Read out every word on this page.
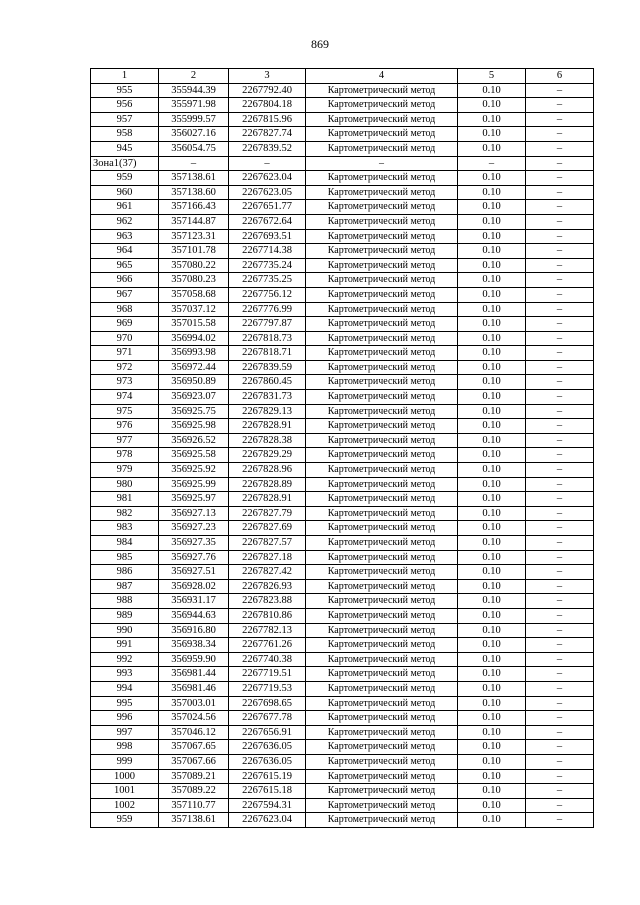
869
1	2	3	4	5	6
955	355944.39	2267792.40	Картометрический метод	0.10	–
956	355971.98	2267804.18	Картометрический метод	0.10	–
957	355999.57	2267815.96	Картометрический метод	0.10	–
958	356027.16	2267827.74	Картометрический метод	0.10	–
945	356054.75	2267839.52	Картометрический метод	0.10	–
Зона1(37)	–	–	–	–	–
959	357138.61	2267623.04	Картометрический метод	0.10	–
960	357138.60	2267623.05	Картометрический метод	0.10	–
961	357166.43	2267651.77	Картометрический метод	0.10	–
962	357144.87	2267672.64	Картометрический метод	0.10	–
963	357123.31	2267693.51	Картометрический метод	0.10	–
964	357101.78	2267714.38	Картометрический метод	0.10	–
965	357080.22	2267735.24	Картометрический метод	0.10	–
966	357080.23	2267735.25	Картометрический метод	0.10	–
967	357058.68	2267756.12	Картометрический метод	0.10	–
968	357037.12	2267776.99	Картометрический метод	0.10	–
969	357015.58	2267797.87	Картометрический метод	0.10	–
970	356994.02	2267818.73	Картометрический метод	0.10	–
971	356993.98	2267818.71	Картометрический метод	0.10	–
972	356972.44	2267839.59	Картометрический метод	0.10	–
973	356950.89	2267860.45	Картометрический метод	0.10	–
974	356923.07	2267831.73	Картометрический метод	0.10	–
975	356925.75	2267829.13	Картометрический метод	0.10	–
976	356925.98	2267828.91	Картометрический метод	0.10	–
977	356926.52	2267828.38	Картометрический метод	0.10	–
978	356925.58	2267829.29	Картометрический метод	0.10	–
979	356925.92	2267828.96	Картометрический метод	0.10	–
980	356925.99	2267828.89	Картометрический метод	0.10	–
981	356925.97	2267828.91	Картометрический метод	0.10	–
982	356927.13	2267827.79	Картометрический метод	0.10	–
983	356927.23	2267827.69	Картометрический метод	0.10	–
984	356927.35	2267827.57	Картометрический метод	0.10	–
985	356927.76	2267827.18	Картометрический метод	0.10	–
986	356927.51	2267827.42	Картометрический метод	0.10	–
987	356928.02	2267826.93	Картометрический метод	0.10	–
988	356931.17	2267823.88	Картометрический метод	0.10	–
989	356944.63	2267810.86	Картометрический метод	0.10	–
990	356916.80	2267782.13	Картометрический метод	0.10	–
991	356938.34	2267761.26	Картометрический метод	0.10	–
992	356959.90	2267740.38	Картометрический метод	0.10	–
993	356981.44	2267719.51	Картометрический метод	0.10	–
994	356981.46	2267719.53	Картометрический метод	0.10	–
995	357003.01	2267698.65	Картометрический метод	0.10	–
996	357024.56	2267677.78	Картометрический метод	0.10	–
997	357046.12	2267656.91	Картометрический метод	0.10	–
998	357067.65	2267636.05	Картометрический метод	0.10	–
999	357067.66	2267636.05	Картометрический метод	0.10	–
1000	357089.21	2267615.19	Картометрический метод	0.10	–
1001	357089.22	2267615.18	Картометрический метод	0.10	–
1002	357110.77	2267594.31	Картометрический метод	0.10	–
959	357138.61	2267623.04	Картометрический метод	0.10	–
